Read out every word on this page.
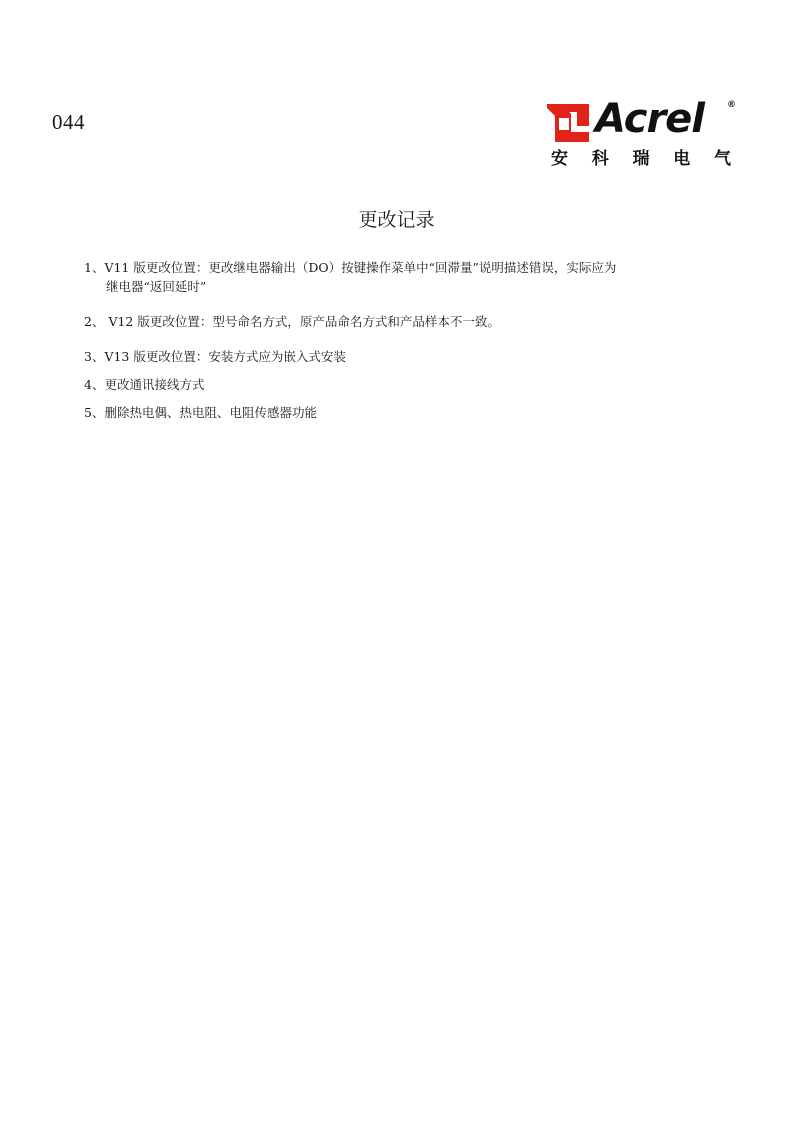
044	Acrel	®
安 科 瑞 电 气
更改记录
1、 V11 版更改位置：更改继电器输出（DO）按键操作菜单中“回滞量”说明描述错误，实际应为
继电器“返回延时”
2、 V12 版更改位置：型号命名方式，原产品命名方式和产品样本不一致。
3、 V13 版更改位置：安装方式应为嵌入式安装
4、 更改通讯接线方式
5、 删除热电偶、热电阻、电阻传感器功能
